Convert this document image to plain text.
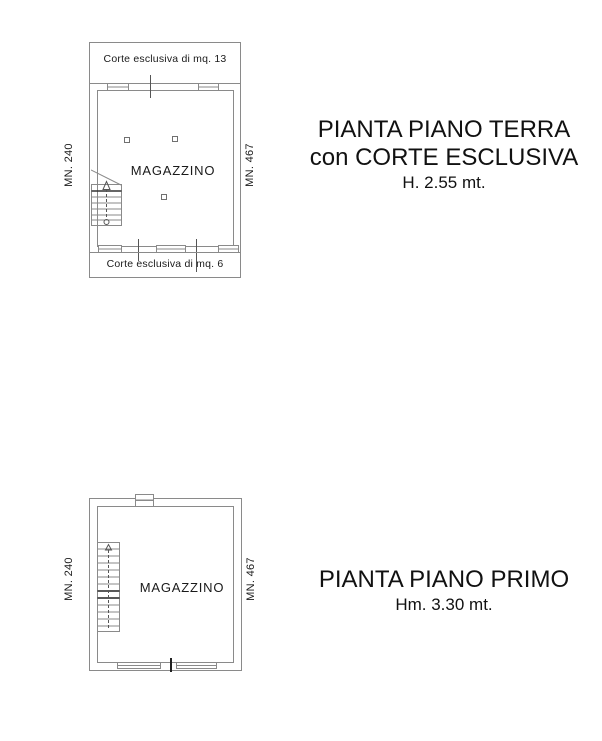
Corte esclusiva di mq. 13
MAGAZZINO
Corte esclusiva di mq. 6
MN. 240	MN. 467
PIANTA PIANO TERRA
con CORTE ESCLUSIVA
H. 2.55 mt.
MAGAZZINO
MN. 240	MN. 467	PIANTA PIANO PRIMO
Hm. 3.30 mt.
